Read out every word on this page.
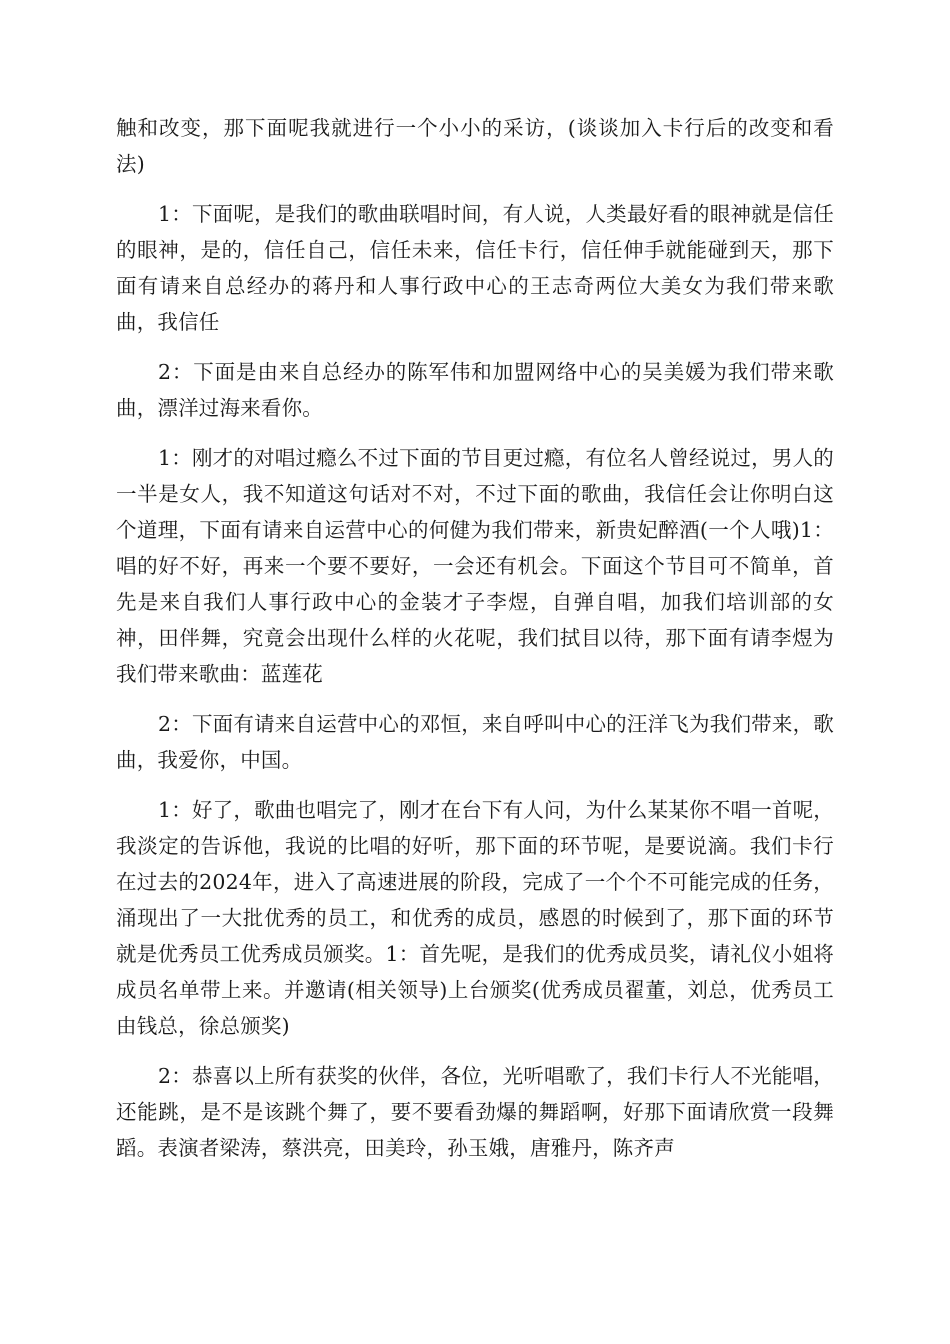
触和改变，那下面呢我就进行一个小小的采访，(谈谈加入卡行后的改变和看法)

1：下面呢，是我们的歌曲联唱时间，有人说，人类最好看的眼神就是信任的眼神，是的，信任自己，信任未来，信任卡行，信任伸手就能碰到天，那下面有请来自总经办的蒋丹和人事行政中心的王志奇两位大美女为我们带来歌曲，我信任

2：下面是由来自总经办的陈军伟和加盟网络中心的吴美媛为我们带来歌曲，漂洋过海来看你。

1：刚才的对唱过瘾么不过下面的节目更过瘾，有位名人曾经说过，男人的一半是女人，我不知道这句话对不对，不过下面的歌曲，我信任会让你明白这个道理，下面有请来自运营中心的何健为我们带来，新贵妃醉酒(一个人哦)1：唱的好不好，再来一个要不要好，一会还有机会。下面这个节目可不简单，首先是来自我们人事行政中心的金装才子李煜，自弹自唱，加我们培训部的女神，田伴舞，究竟会出现什么样的火花呢，我们拭目以待，那下面有请李煜为我们带来歌曲：蓝莲花

2：下面有请来自运营中心的邓恒，来自呼叫中心的汪洋飞为我们带来，歌曲，我爱你，中国。

1：好了，歌曲也唱完了，刚才在台下有人问，为什么某某你不唱一首呢，我淡定的告诉他，我说的比唱的好听，那下面的环节呢，是要说滴。我们卡行在过去的2024年，进入了高速进展的阶段，完成了一个个不可能完成的任务，涌现出了一大批优秀的员工，和优秀的成员，感恩的时候到了，那下面的环节就是优秀员工优秀成员颁奖。1：首先呢，是我们的优秀成员奖，请礼仪小姐将成员名单带上来。并邀请(相关领导)上台颁奖(优秀成员翟董，刘总，优秀员工由钱总，徐总颁奖)

2：恭喜以上所有获奖的伙伴，各位，光听唱歌了，我们卡行人不光能唱，还能跳，是不是该跳个舞了，要不要看劲爆的舞蹈啊，好那下面请欣赏一段舞蹈。表演者梁涛，蔡洪亮，田美玲，孙玉娥，唐雅丹，陈齐声
